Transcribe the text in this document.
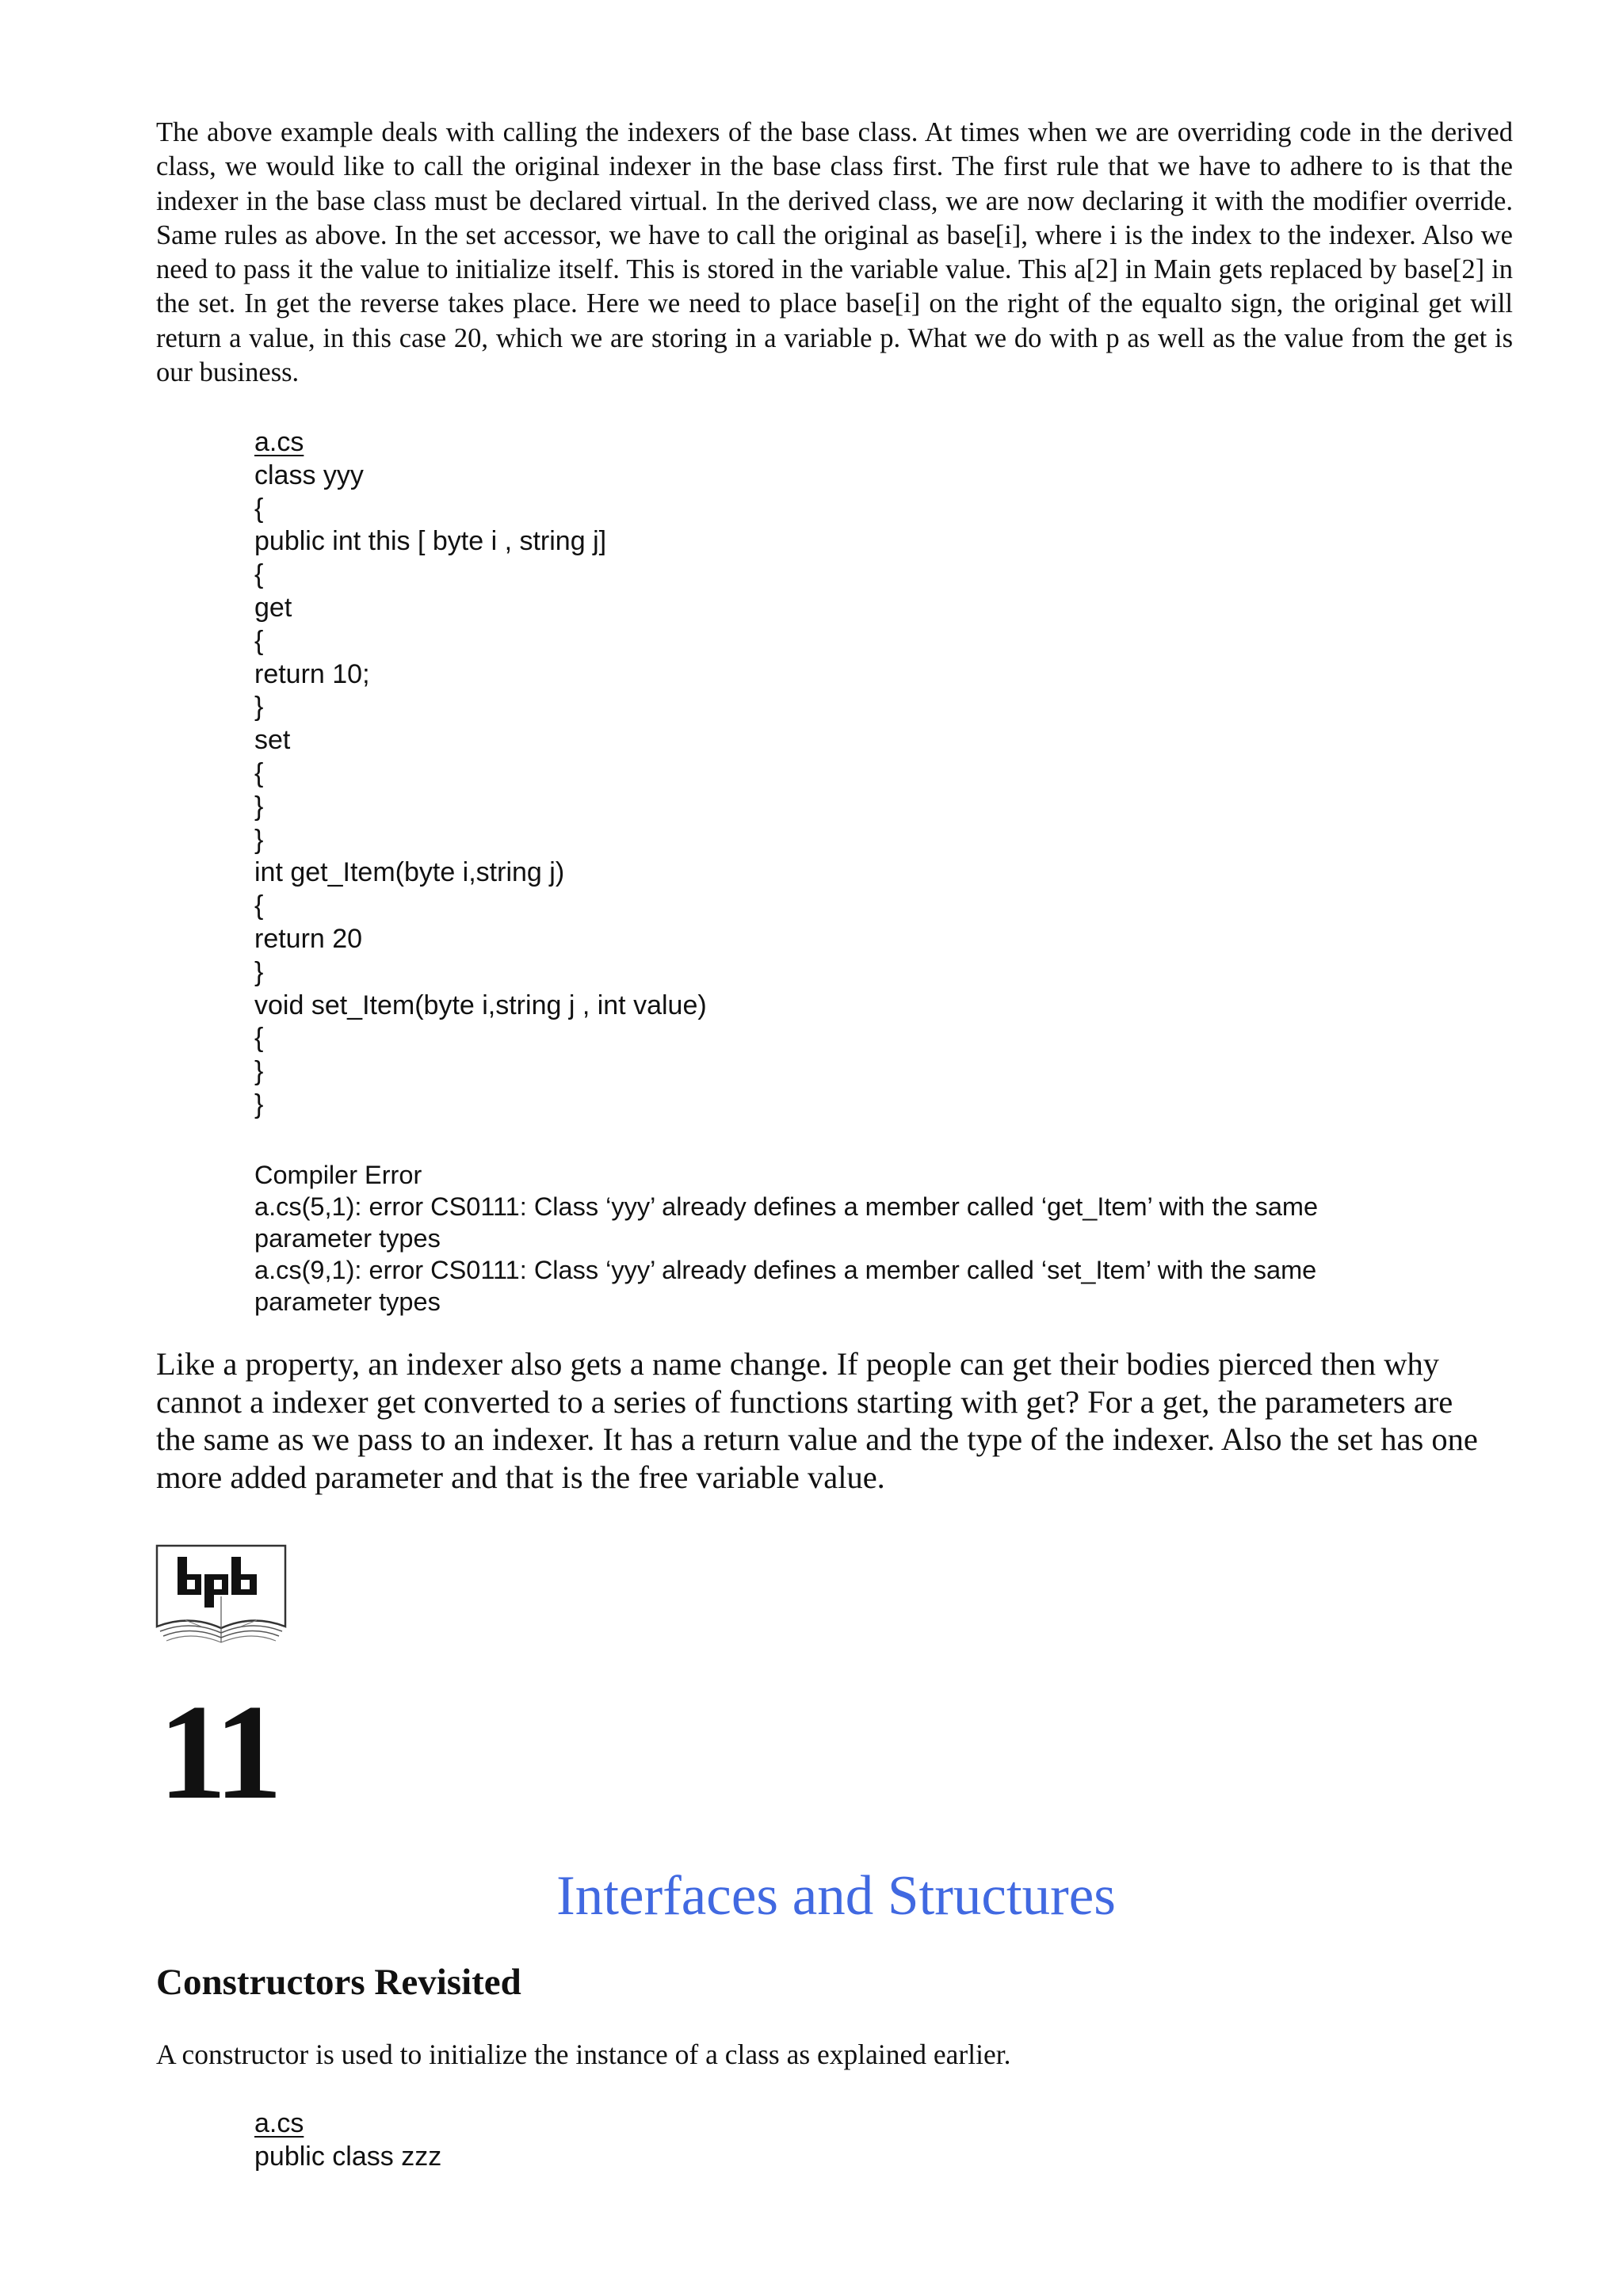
The above example deals with calling the indexers of the base class. At times when we are overriding code in the derived class, we would like to call the original indexer in the base class first. The first rule that we have to adhere to is that the indexer in the base class must be declared virtual. In the derived class, we are now declaring it with the modifier override. Same rules as above. In the set accessor, we have to call the original as base[i], where i is the index to the indexer. Also we need to pass it the value to initialize itself. This is stored in the variable value. This a[2] in Main gets replaced by base[2] in the set. In get the reverse takes place. Here we need to place base[i] on the right of the equalto sign, the original get will return a value, in this case 20, which we are storing in a variable p. What we do with p as well as the value from the get is our business.

a.cs
class yyy
{
public int this [ byte i , string j]
{
get
{
return 10;
}
set
{
}
}
int get_Item(byte i,string j)
{
return 20
}
void set_Item(byte i,string j , int value)
{
}
}
Compiler Error
a.cs(5,1): error CS0111: Class ‘yyy’ already defines a member called ‘get_Item’ with the same
parameter types
a.cs(9,1): error CS0111: Class ‘yyy’ already defines a member called ‘set_Item’ with the same
parameter types

Like a property, an indexer also gets a name change. If people can get their bodies pierced then why cannot a indexer get converted to a series of functions starting with get? For a get, the parameters are the same as we pass to an indexer. It has a return value and the type of the indexer. Also the set has one more added parameter and that is the free variable value.

11
Interfaces and Structures
Constructors Revisited

A constructor is used to initialize the instance of a class as explained earlier.

a.cs
public class zzz
